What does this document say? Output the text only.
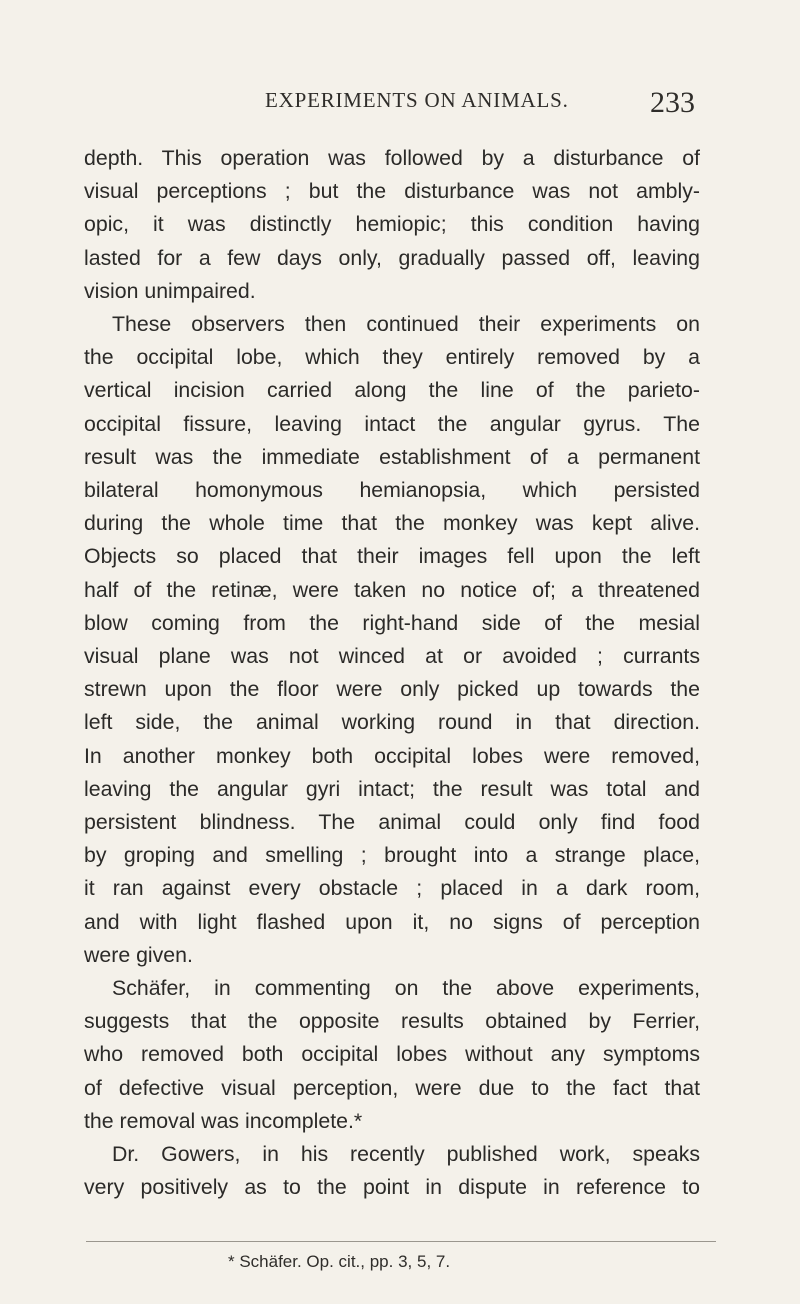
EXPERIMENTS ON ANIMALS.	233
depth. This operation was followed by a disturbance of
visual perceptions ; but the disturbance was not ambly-
opic, it was distinctly hemiopic; this condition having
lasted for a few days only, gradually passed off, leaving
vision unimpaired.
These observers then continued their experiments on
the occipital lobe, which they entirely removed by a
vertical incision carried along the line of the parieto-
occipital fissure, leaving intact the angular gyrus. The
result was the immediate establishment of a permanent
bilateral homonymous hemianopsia, which persisted
during the whole time that the monkey was kept alive.
Objects so placed that their images fell upon the left
half of the retinæ, were taken no notice of; a threatened
blow coming from the right-hand side of the mesial
visual plane was not winced at or avoided ; currants
strewn upon the floor were only picked up towards the
left side, the animal working round in that direction.
In another monkey both occipital lobes were removed,
leaving the angular gyri intact; the result was total and
persistent blindness. The animal could only find food
by groping and smelling ; brought into a strange place,
it ran against every obstacle ; placed in a dark room,
and with light flashed upon it, no signs of perception
were given.
Schäfer, in commenting on the above experiments,
suggests that the opposite results obtained by Ferrier,
who removed both occipital lobes without any symptoms
of defective visual perception, were due to the fact that
the removal was incomplete.*
Dr. Gowers, in his recently published work, speaks
very positively as to the point in dispute in reference to
* Schäfer. Op. cit., pp. 3, 5, 7.
